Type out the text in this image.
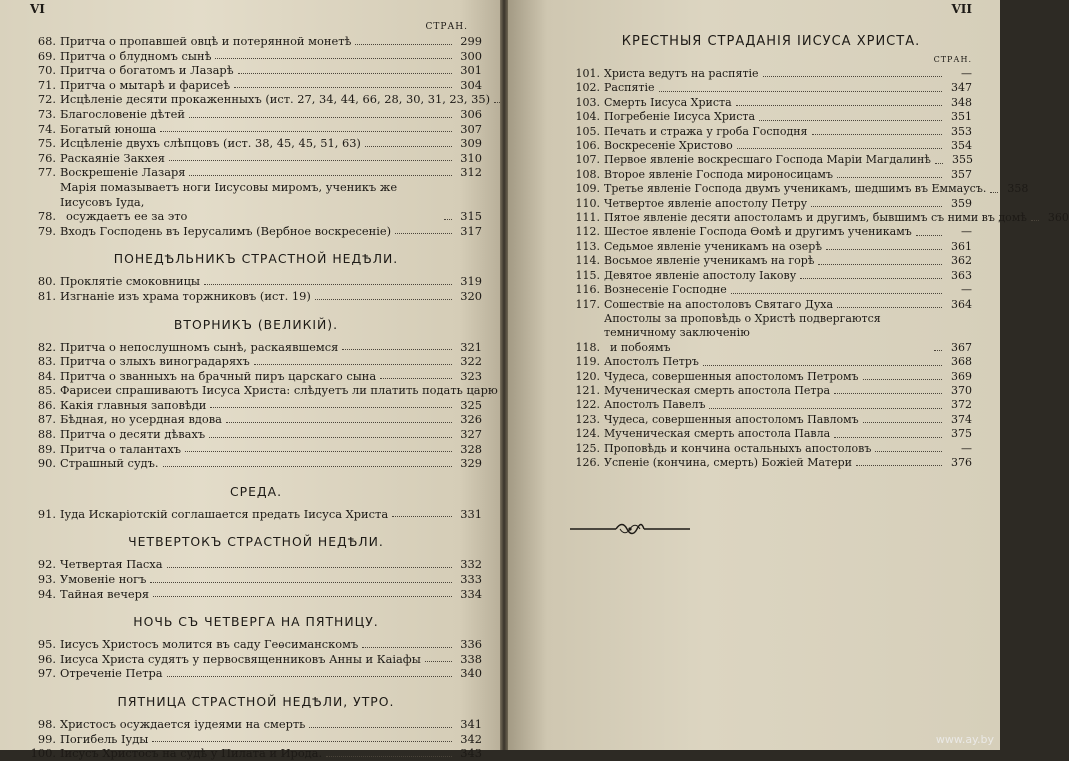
VI
СТРАН.
68. Притча о пропавшей овцѣ и потерянной монетѣ	299
69. Притча о блудномъ сынѣ	300
70. Притча о богатомъ и Лазарѣ	301
71. Притча о мытарѣ и фарисеѣ	304
72. Исцѣленіе десяти прокаженныхъ (ист. 27, 34, 44, 66, 28, 30, 31, 23, 35)
73. Благословеніе дѣтей	306
74. Богатый юноша	307
75. Исцѣленіе двухъ слѣпцовъ (ист. 38, 45, 45, 51, 63)	309
76. Раскаяніе Закхея	310
77. Воскрешеніе Лазаря	312
78.
Марія помазываетъ ноги Іисусовы миромъ, ученикъ же Іисусовъ Іуда,
осуждаетъ ее за это	315
79. Входъ Господень въ Іерусалимъ (Вербное воскресеніе)	317
ПОНЕДѢЛЬНИКЪ СТРАСТНОЙ НЕДѢЛИ.
80. Проклятіе смоковницы	319
81. Изгнаніе изъ храма торжниковъ (ист. 19)	320
ВТОРНИКЪ (ВЕЛИКІЙ).
82. Притча о непослушномъ сынѣ, раскаявшемся	321
83. Притча о злыхъ виноградаряхъ	322
84. Притча о званныхъ на брачный пиръ царскаго сына	323
85. Фарисеи спрашиваютъ Іисуса Христа: слѣдуетъ ли платить подать царю
86. Какія главныя заповѣди	325
87. Бѣдная, но усердная вдова	326
88. Притча о десяти дѣвахъ	327
89. Притча о талантахъ	328
90. Страшный судъ.	329
СРЕДА.
91. Іуда Искаріотскій соглашается предать Іисуса Христа	331
ЧЕТВЕРТОКЪ СТРАСТНОЙ НЕДѢЛИ.
92. Четвертая Пасха	332
93. Умовеніе ногъ	333
94. Тайная вечеря	334
НОЧЬ СЪ ЧЕТВЕРГА НА ПЯТНИЦУ.
95. Іисусъ Христосъ молится въ саду Геѳсиманскомъ	336
96. Іисуса Христа судятъ у первосвященниковъ Анны и Каіафы	338
97. Отреченіе Петра	340
ПЯТНИЦА СТРАСТНОЙ НЕДѢЛИ, УТРО.
98. Христосъ осуждается іудеями на смерть	341
99. Погибель Іуды	342
100. Іисусъ Христосъ на судѣ у Пилата и Ирода.	343
VII
КРЕСТНЫЯ СТРАДАНІЯ ІИСУСА ХРИСТА.
СТРАН.
101. Христа ведутъ на распятіе	—
102. Распятіе	347
103. Смерть Іисуса Христа	348
104. Погребеніе Іисуса Христа	351
105. Печать и стража у гроба Господня	353
106. Воскресеніе Христово	354
107. Первое явленіе воскресшаго Господа Маріи Магдалинѣ	355
108. Второе явленіе Господа мироносицамъ	357
109. Третье явленіе Господа двумъ ученикамъ, шедшимъ въ Еммаусъ.	358
110. Четвертое явленіе апостолу Петру	359
111. Пятое явленіе десяти апостоламъ и другимъ, бывшимъ съ ними въ домѣ	360
112. Шестое явленіе Господа Ѳомѣ и другимъ ученикамъ	—
113. Седьмое явленіе ученикамъ на озерѣ	361
114. Восьмое явленіе ученикамъ на горѣ	362
115. Девятое явленіе апостолу Іакову	363
116. Вознесеніе Господне	—
117. Сошествіе на апостоловъ Святаго Духа	364
118.
Апостолы за проповѣдь о Христѣ подвергаются темничному заключенію
и побоямъ	367
119. Апостолъ Петръ	368
120. Чудеса, совершенныя апостоломъ Петромъ	369
121. Мученическая смерть апостола Петра	370
122. Апостолъ Павелъ	372
123. Чудеса, совершенныя апостоломъ Павломъ	374
124. Мученическая смерть апостола Павла	375
125. Проповѣдь и кончина остальныхъ апостоловъ	—
126. Успеніе (кончина, смерть) Божіей Матери	376
www.ay.by
